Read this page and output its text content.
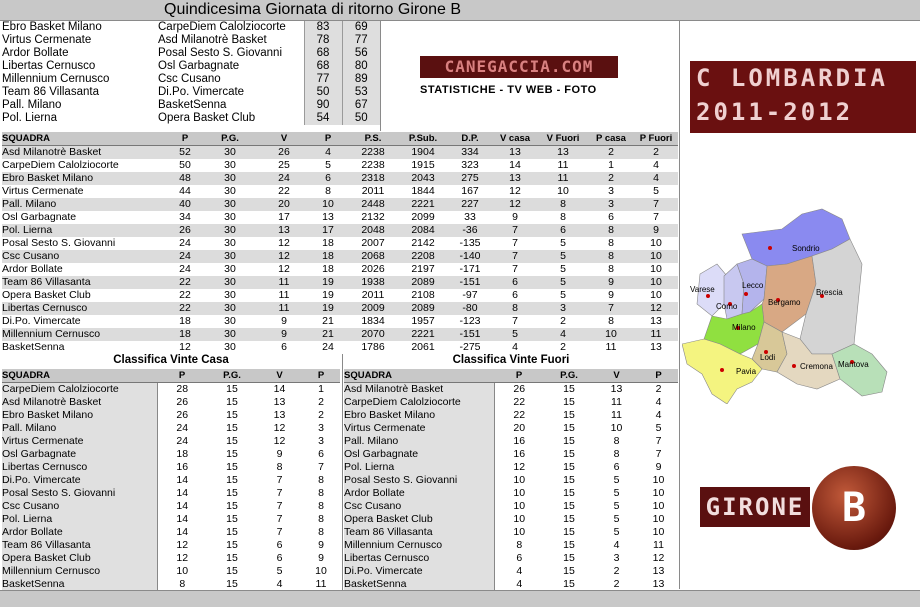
Quindicesima Giornata di ritorno Girone B
Ebro Basket Milano	CarpeDiem Calolziocorte	83	69
Virtus Cermenate	Asd Milanotrè Basket	78	77
Ardor Bollate	Posal Sesto S. Giovanni	68	56
Libertas Cernusco	Osl Garbagnate	68	80
Millennium Cernusco	Csc Cusano	77	89
Team 86 Villasanta	Di.Po. Vimercate	50	53
Pall. Milano	BasketSenna	90	67
Pol. Lierna	Opera Basket Club	54	50
CANEGACCIA.COM
STATISTICHE - TV WEB - FOTO	C LOMBARDIA
2011-2012
SQUADRA	P	P.G.	V	P	P.S.	P.Sub.	D.P.	V casa	V Fuori	P casa	P Fuori
Asd Milanotrè Basket	52	30	26	4	2238	1904	334	13	13	2	2
CarpeDiem Calolziocorte	50	30	25	5	2238	1915	323	14	11	1	4
Ebro Basket Milano	48	30	24	6	2318	2043	275	13	11	2	4
Virtus Cermenate	44	30	22	8	2011	1844	167	12	10	3	5
Pall. Milano	40	30	20	10	2448	2221	227	12	8	3	7
Osl Garbagnate	34	30	17	13	2132	2099	33	9	8	6	7
Pol. Lierna	26	30	13	17	2048	2084	-36	7	6	8	9
Posal Sesto S. Giovanni	24	30	12	18	2007	2142	-135	7	5	8	10
Csc Cusano	24	30	12	18	2068	2208	-140	7	5	8	10
Ardor Bollate	24	30	12	18	2026	2197	-171	7	5	8	10
Team 86 Villasanta	22	30	11	19	1938	2089	-151	6	5	9	10
Opera Basket Club	22	30	11	19	2011	2108	-97	6	5	9	10
Libertas Cernusco	22	30	11	19	2009	2089	-80	8	3	7	12
Di.Po. Vimercate	18	30	9	21	1834	1957	-123	7	2	8	13
Millennium Cernusco	18	30	9	21	2070	2221	-151	5	4	10	11
BasketSenna	12	30	6	24	1786	2061	-275	4	2	11	13
Classifica Vinte Casa	Classifica Vinte Fuori
SQUADRA	P	P.G.	V	P
CarpeDiem Calolziocorte	28	15	14	1
Asd Milanotrè Basket	26	15	13	2
Ebro Basket Milano	26	15	13	2
Pall. Milano	24	15	12	3
Virtus Cermenate	24	15	12	3
Osl Garbagnate	18	15	9	6
Libertas Cernusco	16	15	8	7
Di.Po. Vimercate	14	15	7	8
Posal Sesto S. Giovanni	14	15	7	8
Csc Cusano	14	15	7	8
Pol. Lierna	14	15	7	8
Ardor Bollate	14	15	7	8
Team 86 Villasanta	12	15	6	9
Opera Basket Club	12	15	6	9
Millennium Cernusco	10	15	5	10
BasketSenna	8	15	4	11
SQUADRA	P	P.G.	V	P
Asd Milanotrè Basket	26	15	13	2
CarpeDiem Calolziocorte	22	15	11	4
Ebro Basket Milano	22	15	11	4
Virtus Cermenate	20	15	10	5
Pall. Milano	16	15	8	7
Osl Garbagnate	16	15	8	7
Pol. Lierna	12	15	6	9
Posal Sesto S. Giovanni	10	15	5	10
Ardor Bollate	10	15	5	10
Csc Cusano	10	15	5	10
Opera Basket Club	10	15	5	10
Team 86 Villasanta	10	15	5	10
Millennium Cernusco	8	15	4	11
Libertas Cernusco	6	15	3	12
Di.Po. Vimercate	4	15	2	13
BasketSenna	4	15	2	13
Sondrio
Varese
Como
Lecco
Bergamo
Brescia
Milano
Lodi
Pavia
Cremona Mantova
GIRONE B
